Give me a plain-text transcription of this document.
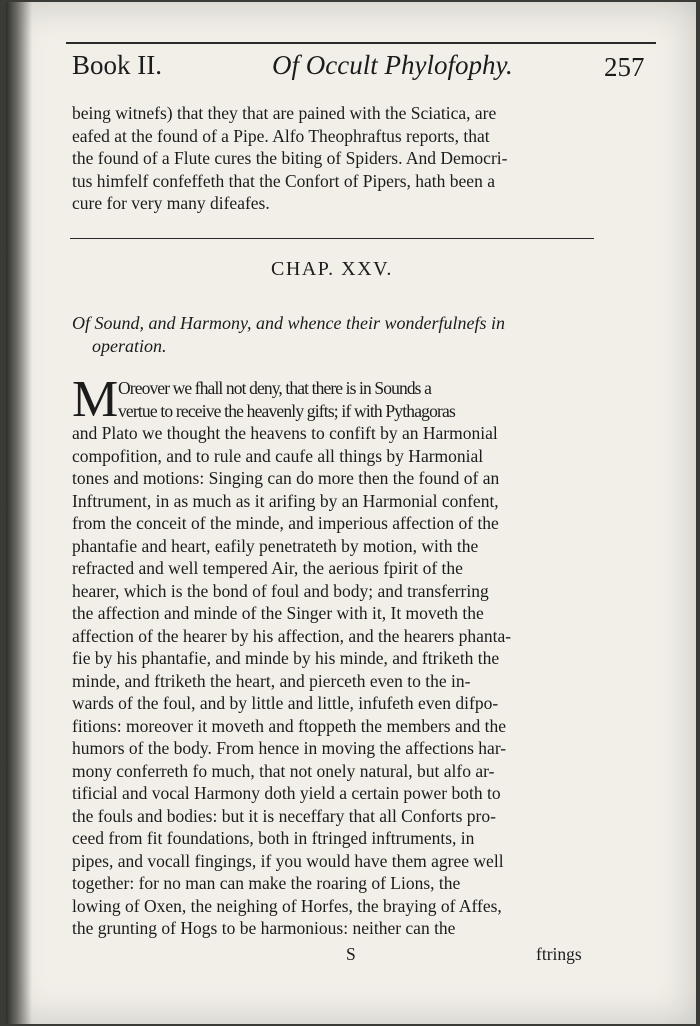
Book II.	Of Occult Phylofophy.	257
being witnefs) that they that are pained with the Sciatica, are
eafed at the found of a Pipe. Alfo Theophraftus reports, that
the found of a Flute cures the biting of Spiders. And Democri-
tus himfelf confeffeth that the Confort of Pipers, hath been a
cure for very many difeafes.
CHAP. XXV.
Of Sound, and Harmony, and whence their wonderfulnefs in
operation.
M Oreover we fhall not deny, that there is in Sounds a
vertue to receive the heavenly gifts; if with Pythagoras
and Plato we thought the heavens to confift by an Harmonial
compofition, and to rule and caufe all things by Harmonial
tones and motions: Singing can do more then the found of an
Inftrument, in as much as it arifing by an Harmonial confent,
from the conceit of the minde, and imperious affection of the
phantafie and heart, eafily penetrateth by motion, with the
refracted and well tempered Air, the aerious fpirit of the
hearer, which is the bond of foul and body; and transferring
the affection and minde of the Singer with it, It moveth the
affection of the hearer by his affection, and the hearers phanta-
fie by his phantafie, and minde by his minde, and ftriketh the
minde, and ftriketh the heart, and pierceth even to the in-
wards of the foul, and by little and little, infufeth even difpo-
fitions: moreover it moveth and ftoppeth the members and the
humors of the body. From hence in moving the affections har-
mony conferreth fo much, that not onely natural, but alfo ar-
tificial and vocal Harmony doth yield a certain power both to
the fouls and bodies: but it is neceffary that all Conforts pro-
ceed from fit foundations, both in ftringed inftruments, in
pipes, and vocall fingings, if you would have them agree well
together: for no man can make the roaring of Lions, the
lowing of Oxen, the neighing of Horfes, the braying of Affes,
the grunting of Hogs to be harmonious: neither can the
S	ftrings
